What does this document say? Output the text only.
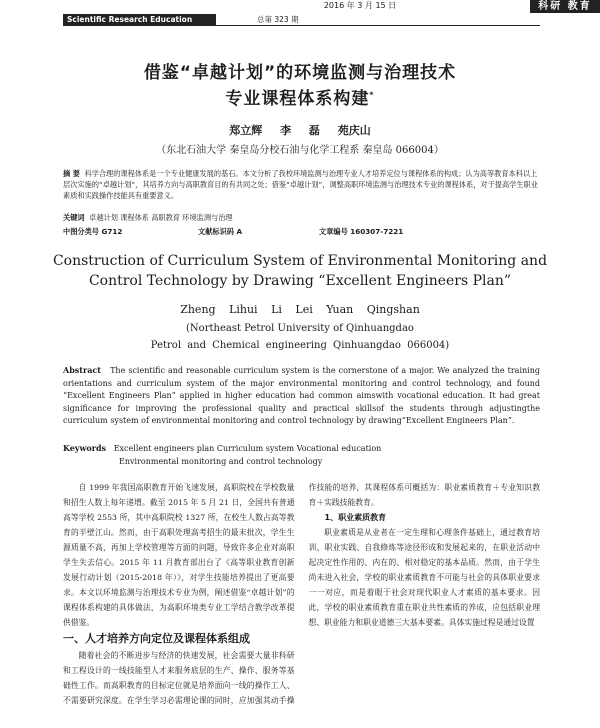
2016 年 3 月 15 日	科研 教育
Scientific Research Education	总第 323 期
借鉴“卓越计划”的环境监测与治理技术
专业课程体系构建*
郑立辉 李 磊 苑庆山
（东北石油大学 秦皇岛分校石油与化学工程系 秦皇岛 066004）
摘 要 科学合理的课程体系是一个专业健康发展的基石。本文分析了我校环境监测与治理专业人才培养定位与课程体系的构成；认为高等教育本科以上层次实施的“卓越计划”，其培养方向与高职教育目的有共同之处；借鉴“卓越计划”，调整高职环境监测与治理技术专业的课程体系，对于提高学生职业素质和实践操作技能具有重要意义。
关键词 卓越计划 课程体系 高职教育 环境监测与治理
中图分类号 G712	文献标识码 A	文章编号 160307-7221
Construction of Curriculum System of Environmental Monitoring and
Control Technology by Drawing “Excellent Engineers Plan”
Zheng Lihui Li Lei Yuan Qingshan
(Northeast Petrol University of Qinhuangdao
Petrol and Chemical engineering Qinhuangdao 066004)
Abstract The scientific and reasonable curriculum system is the cornerstone of a major. We analyzed the training orientations and curriculum system of the major environmental monitoring and control technology, and found “Excellent Engineers Plan” applied in higher education had common aimswith vocational education. It had great significance for improving the professional quality and practical skillsof the students through adjustingthe curriculum system of environmental monitoring and control technology by drawing“Excellent Engineers Plan”.
Keywords Excellent engineers plan Curriculum system Vocational education
Environmental monitoring and control technology

自 1999 年我国高职教育开始飞速发展，高职院校在学校数量和招生人数上每年递增。截至 2015 年 5 月 21 日，全国共有普通高等学校 2553 所，其中高职院校 1327 所，在校生人数占高等教育的半壁江山。然而，由于高职处理高考招生的最末批次，学生生源质量不高，再加上学校管理等方面的问题，导致许多企业对高职学生失去信心。2015 年 11 月教育部出台了《高等职业教育创新发展行动计划（2015-2018 年）》，对学生技能培养提出了更高要求。本文以环境监测与治理技术专业为例，阐述借鉴“卓越计划”的课程体系构建的具体做法，为高职环境类专业工学结合教学改革提供借鉴。

一、人才培养方向定位及课程体系组成

随着社会的不断进步与经济的快速发展，社会需要大量非科研和工程设计的一线技能型人才来服务底层的生产、操作、服务等基础性工作。而高职教育的目标定位就是培养面向一线的操作工人、不需要研究深度。在学生学习必需理论课的同时，应加强其动手操作技能的培养，其课程体系可概括为：职业素质教育＋专业知识教育＋实践技能教育。

1、职业素质教育

职业素质是从业者在一定生理和心理条件基础上，通过教育培训、职业实践、自我修炼等途径形成和发展起来的，在职业活动中起决定性作用的、内在的、相对稳定的基本品质。然而，由于学生尚未进入社会，学校的职业素质教育不可能与社会的具体职业要求一一对应，而是着眼于社会对现代职业人才素质的基本要求。因此，学校的职业素质教育重在职业共性素质的养成，应包括职业理想、职业能力和职业道德三大基本要素。具体实施过程是通过设置
